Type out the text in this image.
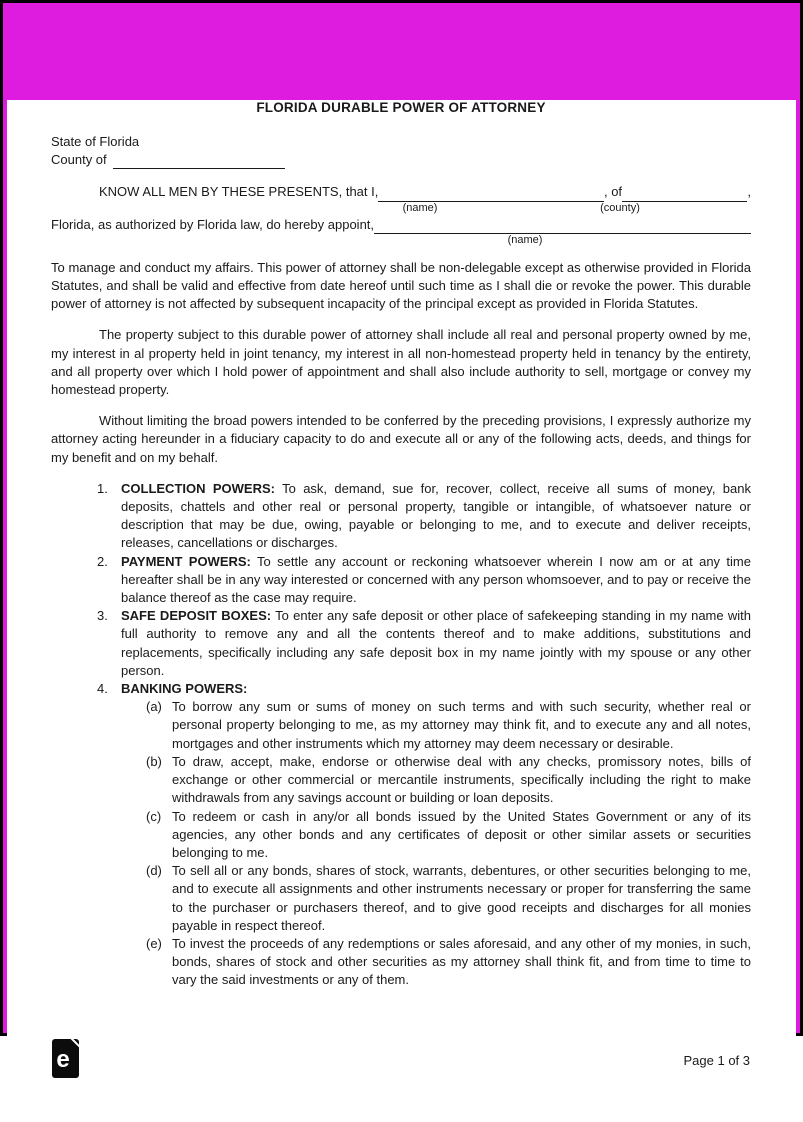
FLORIDA DURABLE POWER OF ATTORNEY
State of Florida
County of
KNOW ALL MEN BY THESE PRESENTS, that I,	, of	,
(name)	(county)
Florida, as authorized by Florida law, do hereby appoint,
(name)

To manage and conduct my affairs. This power of attorney shall be non-delegable except as otherwise provided in Florida Statutes, and shall be valid and effective from date hereof until such time as I shall die or revoke the power. This durable power of attorney is not affected by subsequent incapacity of the principal except as provided in Florida Statutes.

The property subject to this durable power of attorney shall include all real and personal property owned by me, my interest in al property held in joint tenancy, my interest in all non-homestead property held in tenancy by the entirety, and all property over which I hold power of appointment and shall also include authority to sell, mortgage or convey my homestead property.

Without limiting the broad powers intended to be conferred by the preceding provisions, I expressly authorize my attorney acting hereunder in a fiduciary capacity to do and execute all or any of the following acts, deeds, and things for my benefit and on my behalf.

1.	COLLECTION POWERS: To ask, demand, sue for, recover, collect, receive all sums of money, bank deposits, chattels and other real or personal property, tangible or intangible, of whatsoever nature or description that may be due, owing, payable or belonging to me, and to execute and deliver receipts, releases, cancellations or discharges.
2.	PAYMENT POWERS: To settle any account or reckoning whatsoever wherein I now am or at any time hereafter shall be in any way interested or concerned with any person whomsoever, and to pay or receive the balance thereof as the case may require.
3.	SAFE DEPOSIT BOXES: To enter any safe deposit or other place of safekeeping standing in my name with full authority to remove any and all the contents thereof and to make additions, substitutions and replacements, specifically including any safe deposit box in my name jointly with my spouse or any other person.
4.	BANKING POWERS:
(a) To borrow any sum or sums of money on such terms and with such security, whether real or personal property belonging to me, as my attorney may think fit, and to execute any and all notes, mortgages and other instruments which my attorney may deem necessary or desirable.
(b) To draw, accept, make, endorse or otherwise deal with any checks, promissory notes, bills of exchange or other commercial or mercantile instruments, specifically including the right to make withdrawals from any savings account or building or loan deposits.
(c) To redeem or cash in any/or all bonds issued by the United States Government or any of its agencies, any other bonds and any certificates of deposit or other similar assets or securities belonging to me.
(d) To sell all or any bonds, shares of stock, warrants, debentures, or other securities belonging to me, and to execute all assignments and other instruments necessary or proper for transferring the same to the purchaser or purchasers thereof, and to give good receipts and discharges for all monies payable in respect thereof.
(e) To invest the proceeds of any redemptions or sales aforesaid, and any other of my monies, in such, bonds, shares of stock and other securities as my attorney shall think fit, and from time to time to vary the said investments or any of them.
e	Page 1 of 3
